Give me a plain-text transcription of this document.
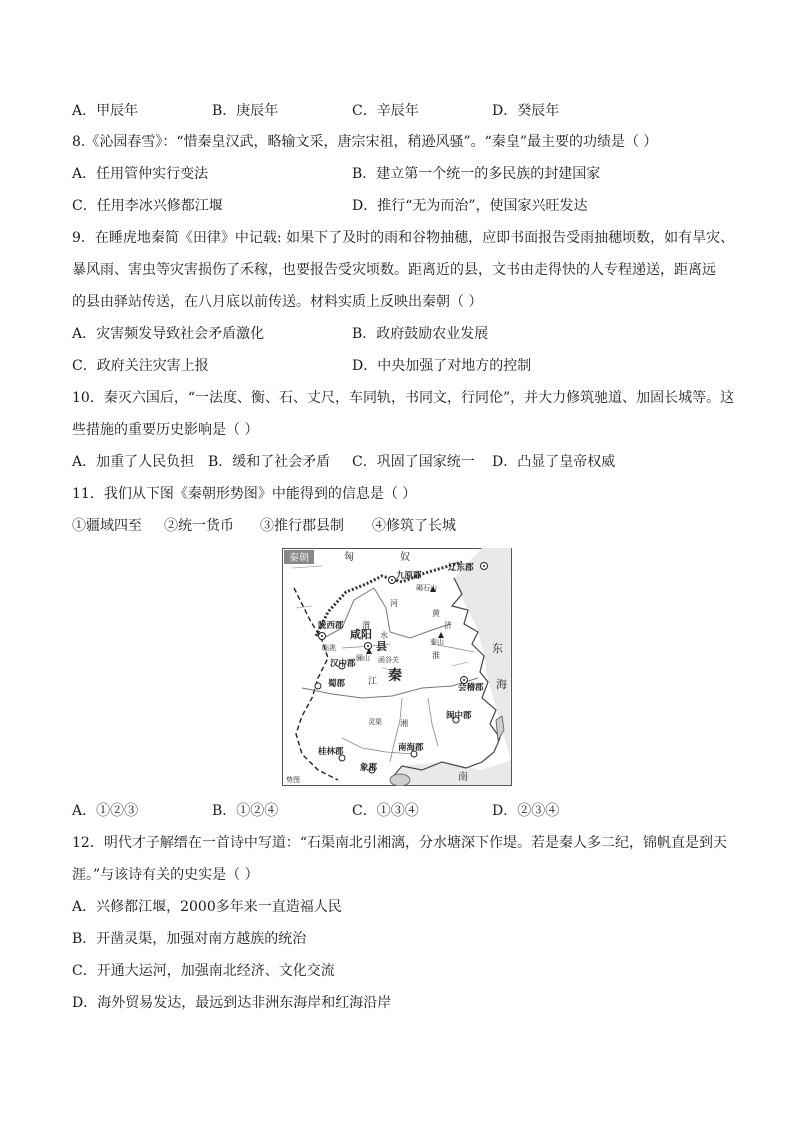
A．甲辰年	B．庚辰年	C．辛辰年	D．癸辰年
8.《沁园春雪》：“惜秦皇汉武，略输文采，唐宗宋祖，稍逊风骚”。“秦皇”最主要的功绩是（ ）
A．任用管仲实行变法	B．建立第一个统一的多民族的封建国家
C．任用李冰兴修都江堰	D．推行“无为而治”，使国家兴旺发达
9．在睡虎地秦简《田律》中记载: 如果下了及时的雨和谷物抽穗，应即书面报告受雨抽穗顷数，如有旱灾、
暴风雨、害虫等灾害损伤了禾稼，也要报告受灾顷数。距离近的县，文书由走得快的人专程递送，距离远
的县由驿站传送，在八月底以前传送。材料实质上反映出秦朝（ ）
A．灾害频发导致社会矛盾激化	B．政府鼓励农业发展
C．政府关注灾害上报	D．中央加强了对地方的控制
10．秦灭六国后，“一法度、衡、石、丈尺，车同轨，书同文，行同伦”，并大力修筑驰道、加固长城等。这
些措施的重要历史影响是（ ）
A．加重了人民负担 B．缓和了社会矛盾 C．巩固了国家统一 D．凸显了皇帝权威
11．我们从下图《秦朝形势图》中能得到的信息是（ ）
①疆域四至 ②统一货币 ③推行郡县制 ④修筑了长城
秦朝	匈	奴
辽东郡
九原郡
碣石山
陇西郡
咸阳
临洮	县	泰山
汉中郡	函谷关
骊山
秦
蜀郡	江
东
会稽郡 海
灵渠
闽中郡
桂林郡	南海郡
象郡
南
河
水
济
淮
湘
黄
渭
势图
A．①②③	B．①②④	C．①③④	D．②③④
12．明代才子解缙在一首诗中写道：“石渠南北引湘漓，分水塘深下作堤。若是秦人多二纪，锦帆直是到天
涯。”与该诗有关的史实是（ ）
A．兴修都江堰，2000多年来一直造福人民
B．开凿灵渠，加强对南方越族的统治
C．开通大运河，加强南北经济、文化交流
D．海外贸易发达，最远到达非洲东海岸和红海沿岸
